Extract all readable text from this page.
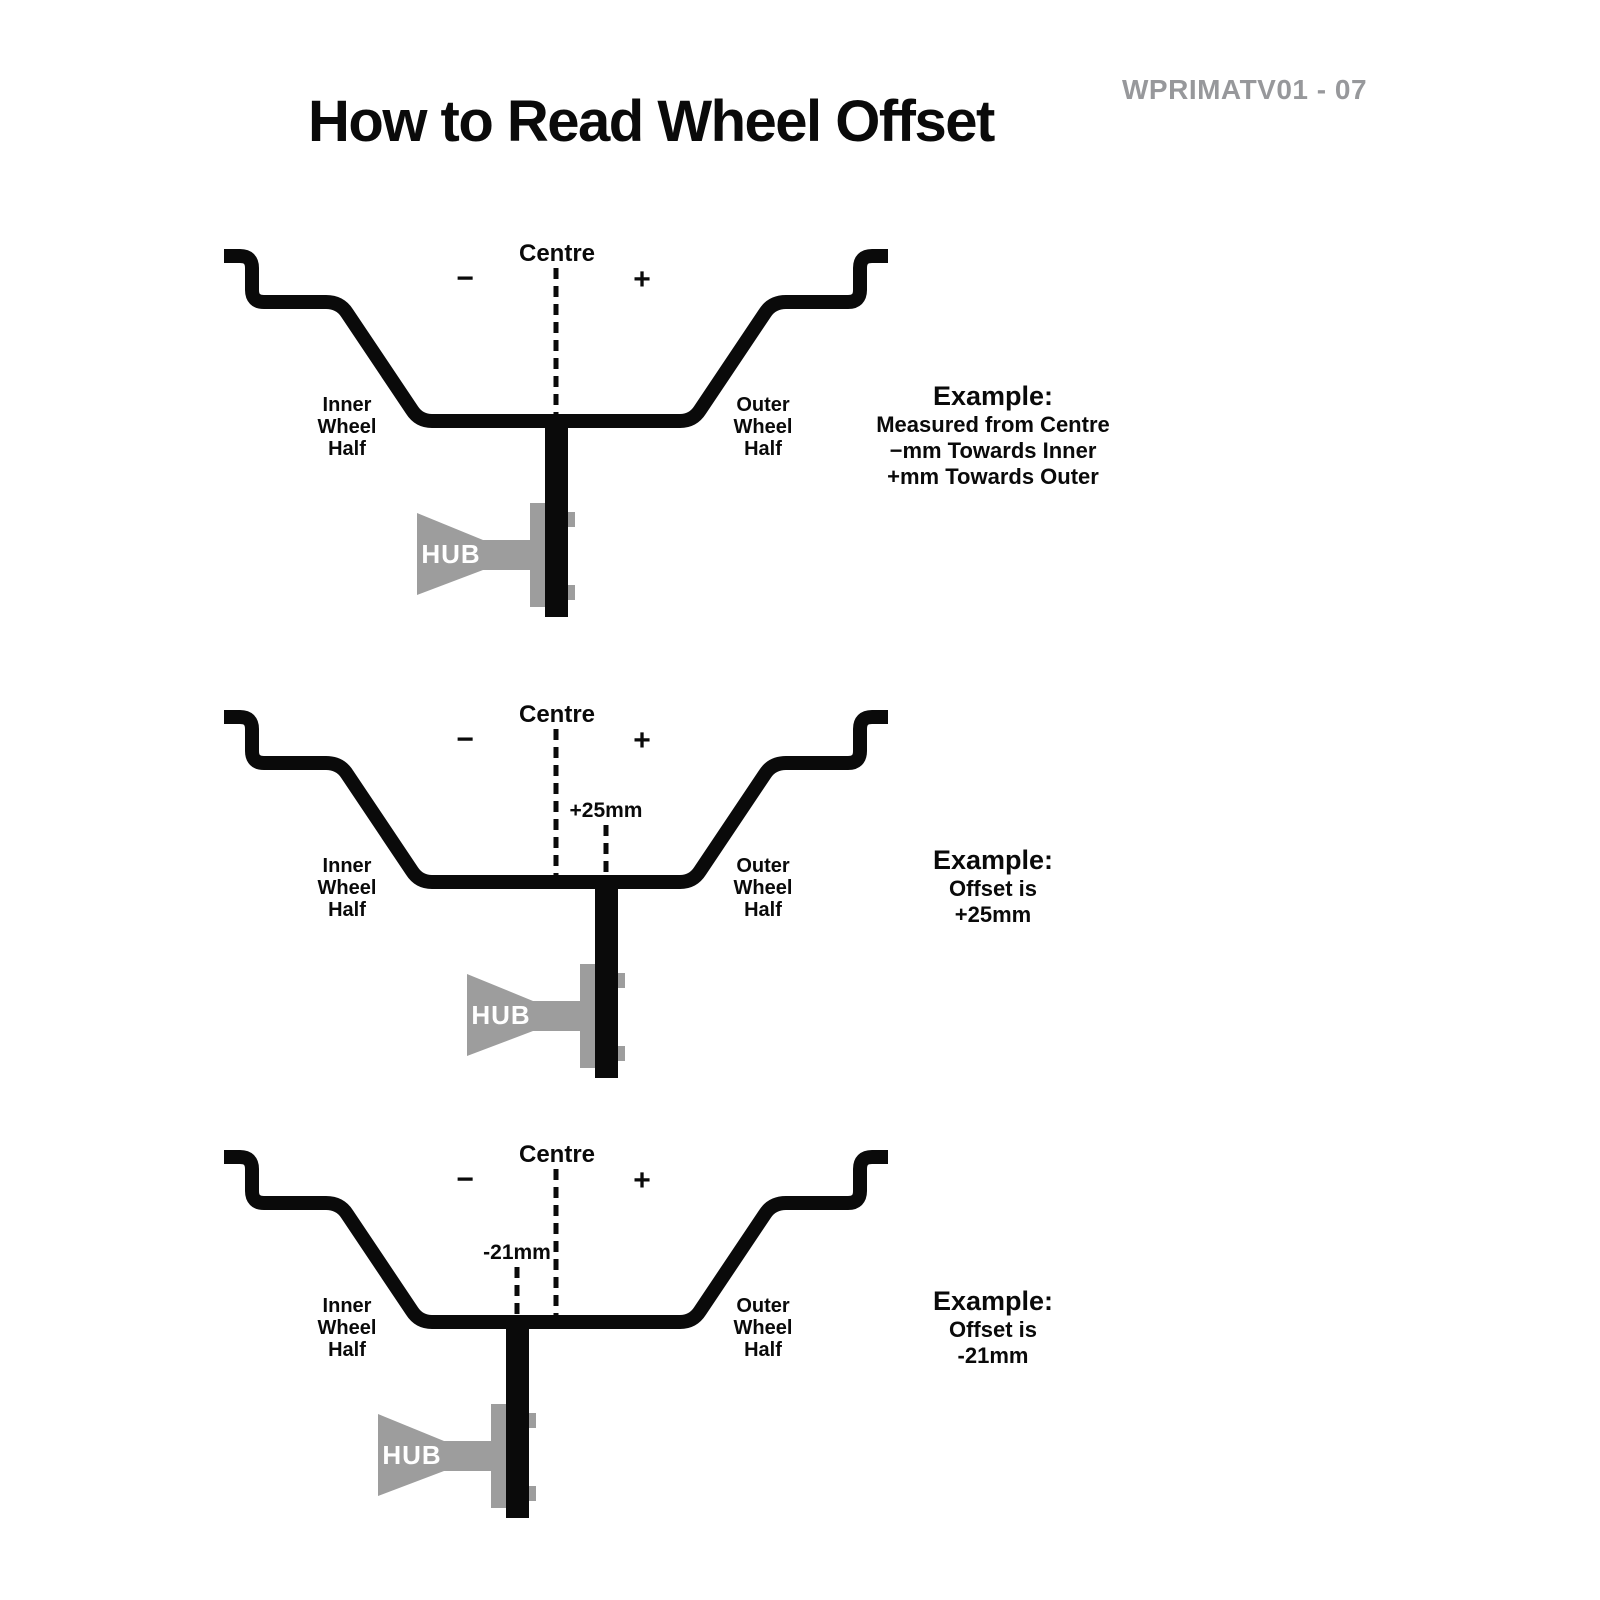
How to Read Wheel Offset	WPRIMATV01 - 07
HUB
Centre
−	+
Inner
Wheel
Half
Outer
Wheel
Half
HUB
+25mm
Centre
−	+
Inner
Wheel
Half
Outer
Wheel
Half
HUB
-21mm
Centre
−	+
Inner
Wheel
Half
Outer
Wheel
Half
Example:
Measured from Centre
−mm Towards Inner
+mm Towards Outer
Example:
Offset is
+25mm
Example:
Offset is
-21mm
